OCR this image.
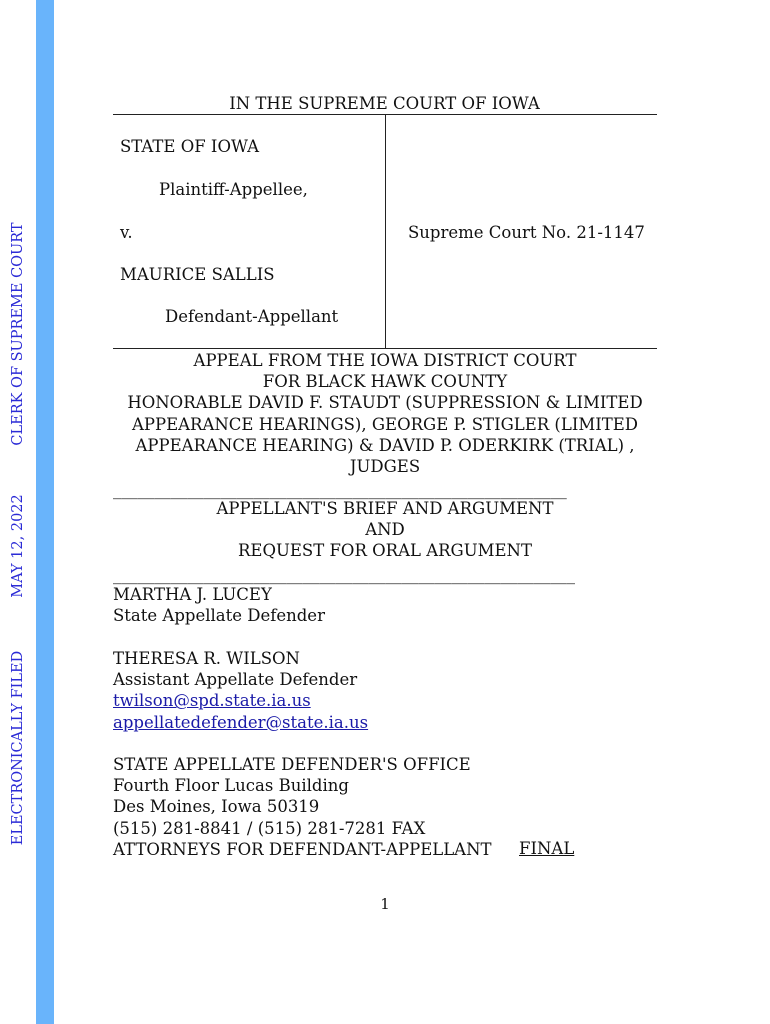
ELECTRONICALLY FILED
MAY 12, 2022
CLERK OF SUPREME COURT
IN THE SUPREME COURT OF IOWA
STATE OF IOWA
Plaintiff-Appellee,
v.
MAURICE SALLIS
Defendant-Appellant
Supreme Court No. 21-1147
APPEAL FROM THE IOWA DISTRICT COURT
FOR BLACK HAWK COUNTY
HONORABLE DAVID F. STAUDT (SUPPRESSION & LIMITED
APPEARANCE HEARINGS), GEORGE P. STIGLER (LIMITED
APPEARANCE HEARING) & DAVID P. ODERKIRK (TRIAL) ,
JUDGES
_______________________________________________________
APPELLANT'S BRIEF AND ARGUMENT
AND
REQUEST FOR ORAL ARGUMENT
________________________________________________________
MARTHA J. LUCEY
State Appellate Defender
THERESA R. WILSON
Assistant Appellate Defender
twilson@spd.state.ia.us
appellatedefender@state.ia.us
STATE APPELLATE DEFENDER'S OFFICE
Fourth Floor Lucas Building
Des Moines, Iowa 50319
(515) 281-8841 / (515) 281-7281 FAX
ATTORNEYS FOR DEFENDANT-APPELLANT FINAL
1
